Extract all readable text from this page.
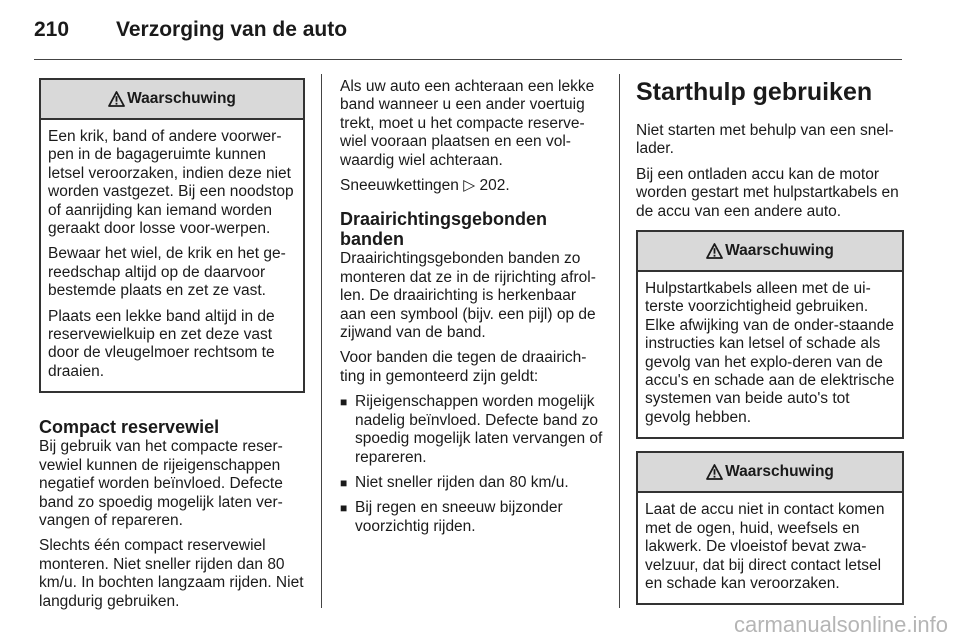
210 Verzorging van de auto
Waarschuwing

Een krik, band of andere voorwer-pen in de bagageruimte kunnen letsel veroorzaken, indien deze niet worden vastgezet. Bij een noodstop of aanrijding kan iemand worden geraakt door losse voor-werpen.

Bewaar het wiel, de krik en het ge-reedschap altijd op de daarvoor bestemde plaats en zet ze vast.

Plaats een lekke band altijd in de reservewielkuip en zet deze vast door de vleugelmoer rechtsom te draaien.

Compact reservewiel

Bij gebruik van het compacte reser-vewiel kunnen de rijeigenschappen negatief worden beïnvloed. Defecte band zo spoedig mogelijk laten ver-vangen of repareren.

Slechts één compact reservewiel monteren. Niet sneller rijden dan 80 km/u. In bochten langzaam rijden. Niet langdurig gebruiken.

Als uw auto een achteraan een lekke band wanneer u een ander voertuig trekt, moet u het compacte reserve-wiel vooraan plaatsen en een vol-waardig wiel achteraan.

Sneeuwkettingen ▷ 202.

Draairichtingsgebonden banden

Draairichtingsgebonden banden zo monteren dat ze in de rijrichting afrol-len. De draairichting is herkenbaar aan een symbool (bijv. een pijl) op de zijwand van de band.

Voor banden die tegen de draairich-ting in gemonteerd zijn geldt:

■ Rijeigenschappen worden mogelijk nadelig beïnvloed. Defecte band zo spoedig mogelijk laten vervangen of repareren.
■ Niet sneller rijden dan 80 km/u.
■ Bij regen en sneeuw bijzonder voorzichtig rijden.
Starthulp gebruiken

Niet starten met behulp van een snel-lader.

Bij een ontladen accu kan de motor worden gestart met hulpstartkabels en de accu van een andere auto.

Waarschuwing

Hulpstartkabels alleen met de ui-terste voorzichtigheid gebruiken. Elke afwijking van de onder-staande instructies kan letsel of schade als gevolg van het explo-deren van de accu's en schade aan de elektrische systemen van beide auto's tot gevolg hebben.

Waarschuwing

Laat de accu niet in contact komen met de ogen, huid, weefsels en lakwerk. De vloeistof bevat zwa-velzuur, dat bij direct contact letsel en schade kan veroorzaken.

carmanualsonline.info
